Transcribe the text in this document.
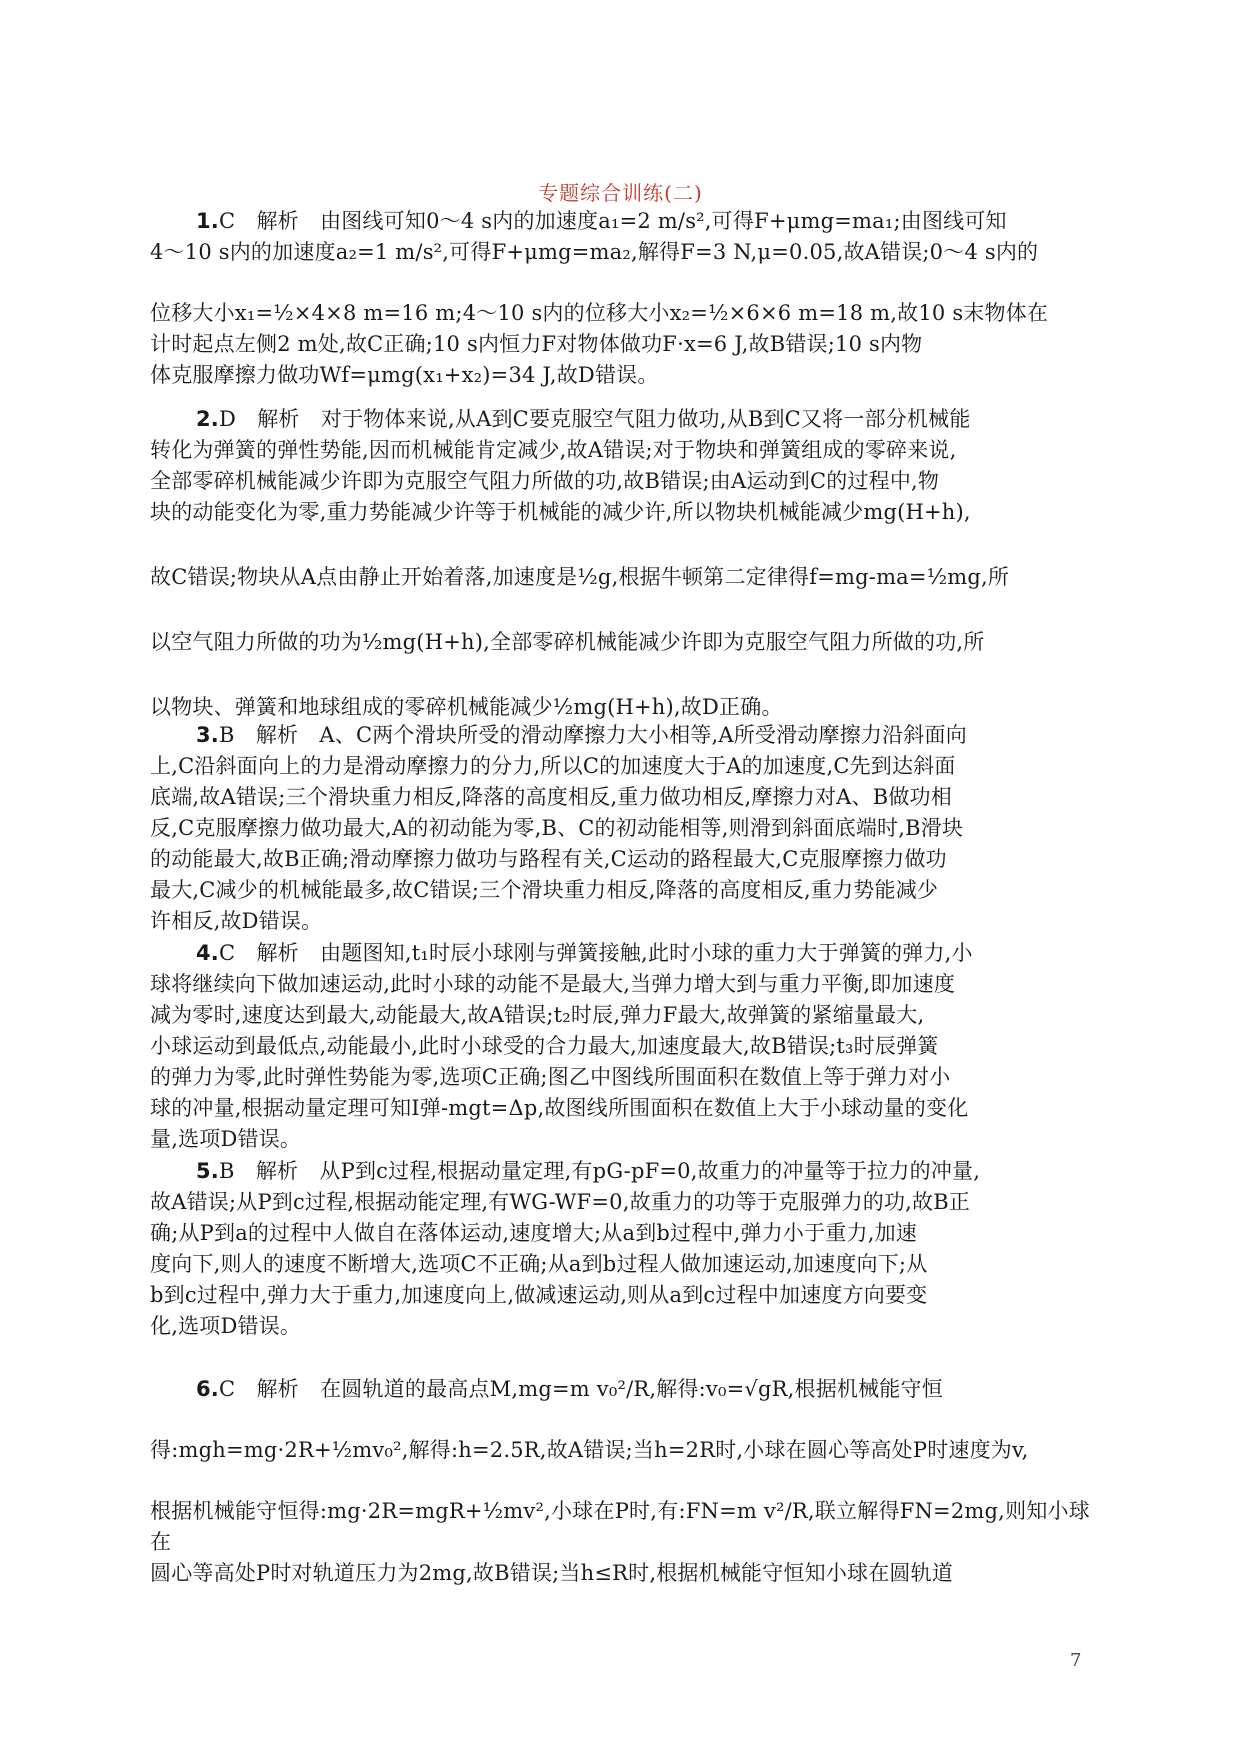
专题综合训练(二)
1.C　解析　由图线可知0～4 s内的加速度a₁=2 m/s²,可得F+μmg=ma₁;由图线可知
4～10 s内的加速度a₂=1 m/s²,可得F+μmg=ma₂,解得F=3 N,μ=0.05,故A错误;0～4 s内的
位移大小x₁=½×4×8 m=16 m;4～10 s内的位移大小x₂=½×6×6 m=18 m,故10 s末物体在
计时起点左侧2 m处,故C正确;10 s内恒力F对物体做功F·x=6 J,故B错误;10 s内物
体克服摩擦力做功Wf=μmg(x₁+x₂)=34 J,故D错误。
2.D　解析　对于物体来说,从A到C要克服空气阻力做功,从B到C又将一部分机械能
转化为弹簧的弹性势能,因而机械能肯定减少,故A错误;对于物块和弹簧组成的零碎来说,
全部零碎机械能减少许即为克服空气阻力所做的功,故B错误;由A运动到C的过程中,物
块的动能变化为零,重力势能减少许等于机械能的减少许,所以物块机械能减少mg(H+h),
故C错误;物块从A点由静止开始着落,加速度是½g,根据牛顿第二定律得f=mg-ma=½mg,所
以空气阻力所做的功为½mg(H+h),全部零碎机械能减少许即为克服空气阻力所做的功,所
以物块、弹簧和地球组成的零碎机械能减少½mg(H+h),故D正确。
3.B　解析　A、C两个滑块所受的滑动摩擦力大小相等,A所受滑动摩擦力沿斜面向
上,C沿斜面向上的力是滑动摩擦力的分力,所以C的加速度大于A的加速度,C先到达斜面
底端,故A错误;三个滑块重力相反,降落的高度相反,重力做功相反,摩擦力对A、B做功相
反,C克服摩擦力做功最大,A的初动能为零,B、C的初动能相等,则滑到斜面底端时,B滑块
的动能最大,故B正确;滑动摩擦力做功与路程有关,C运动的路程最大,C克服摩擦力做功
最大,C减少的机械能最多,故C错误;三个滑块重力相反,降落的高度相反,重力势能减少
许相反,故D错误。
4.C　解析　由题图知,t₁时辰小球刚与弹簧接触,此时小球的重力大于弹簧的弹力,小
球将继续向下做加速运动,此时小球的动能不是最大,当弹力增大到与重力平衡,即加速度
减为零时,速度达到最大,动能最大,故A错误;t₂时辰,弹力F最大,故弹簧的紧缩量最大,
小球运动到最低点,动能最小,此时小球受的合力最大,加速度最大,故B错误;t₃时辰弹簧
的弹力为零,此时弹性势能为零,选项C正确;图乙中图线所围面积在数值上等于弹力对小
球的冲量,根据动量定理可知I弹-mgt=Δp,故图线所围面积在数值上大于小球动量的变化
量,选项D错误。
5.B　解析　从P到c过程,根据动量定理,有pG-pF=0,故重力的冲量等于拉力的冲量,
故A错误;从P到c过程,根据动能定理,有WG-WF=0,故重力的功等于克服弹力的功,故B正
确;从P到a的过程中人做自在落体运动,速度增大;从a到b过程中,弹力小于重力,加速
度向下,则人的速度不断增大,选项C不正确;从a到b过程人做加速运动,加速度向下;从
b到c过程中,弹力大于重力,加速度向上,做减速运动,则从a到c过程中加速度方向要变
化,选项D错误。
6.C　解析　在圆轨道的最高点M,mg=m v₀²/R,解得:v₀=√gR,根据机械能守恒
得:mgh=mg·2R+½mv₀²,解得:h=2.5R,故A错误;当h=2R时,小球在圆心等高处P时速度为v,
根据机械能守恒得:mg·2R=mgR+½mv²,小球在P时,有:FN=m v²/R,联立解得FN=2mg,则知小球在
圆心等高处P时对轨道压力为2mg,故B错误;当h≤R时,根据机械能守恒知小球在圆轨道
7
